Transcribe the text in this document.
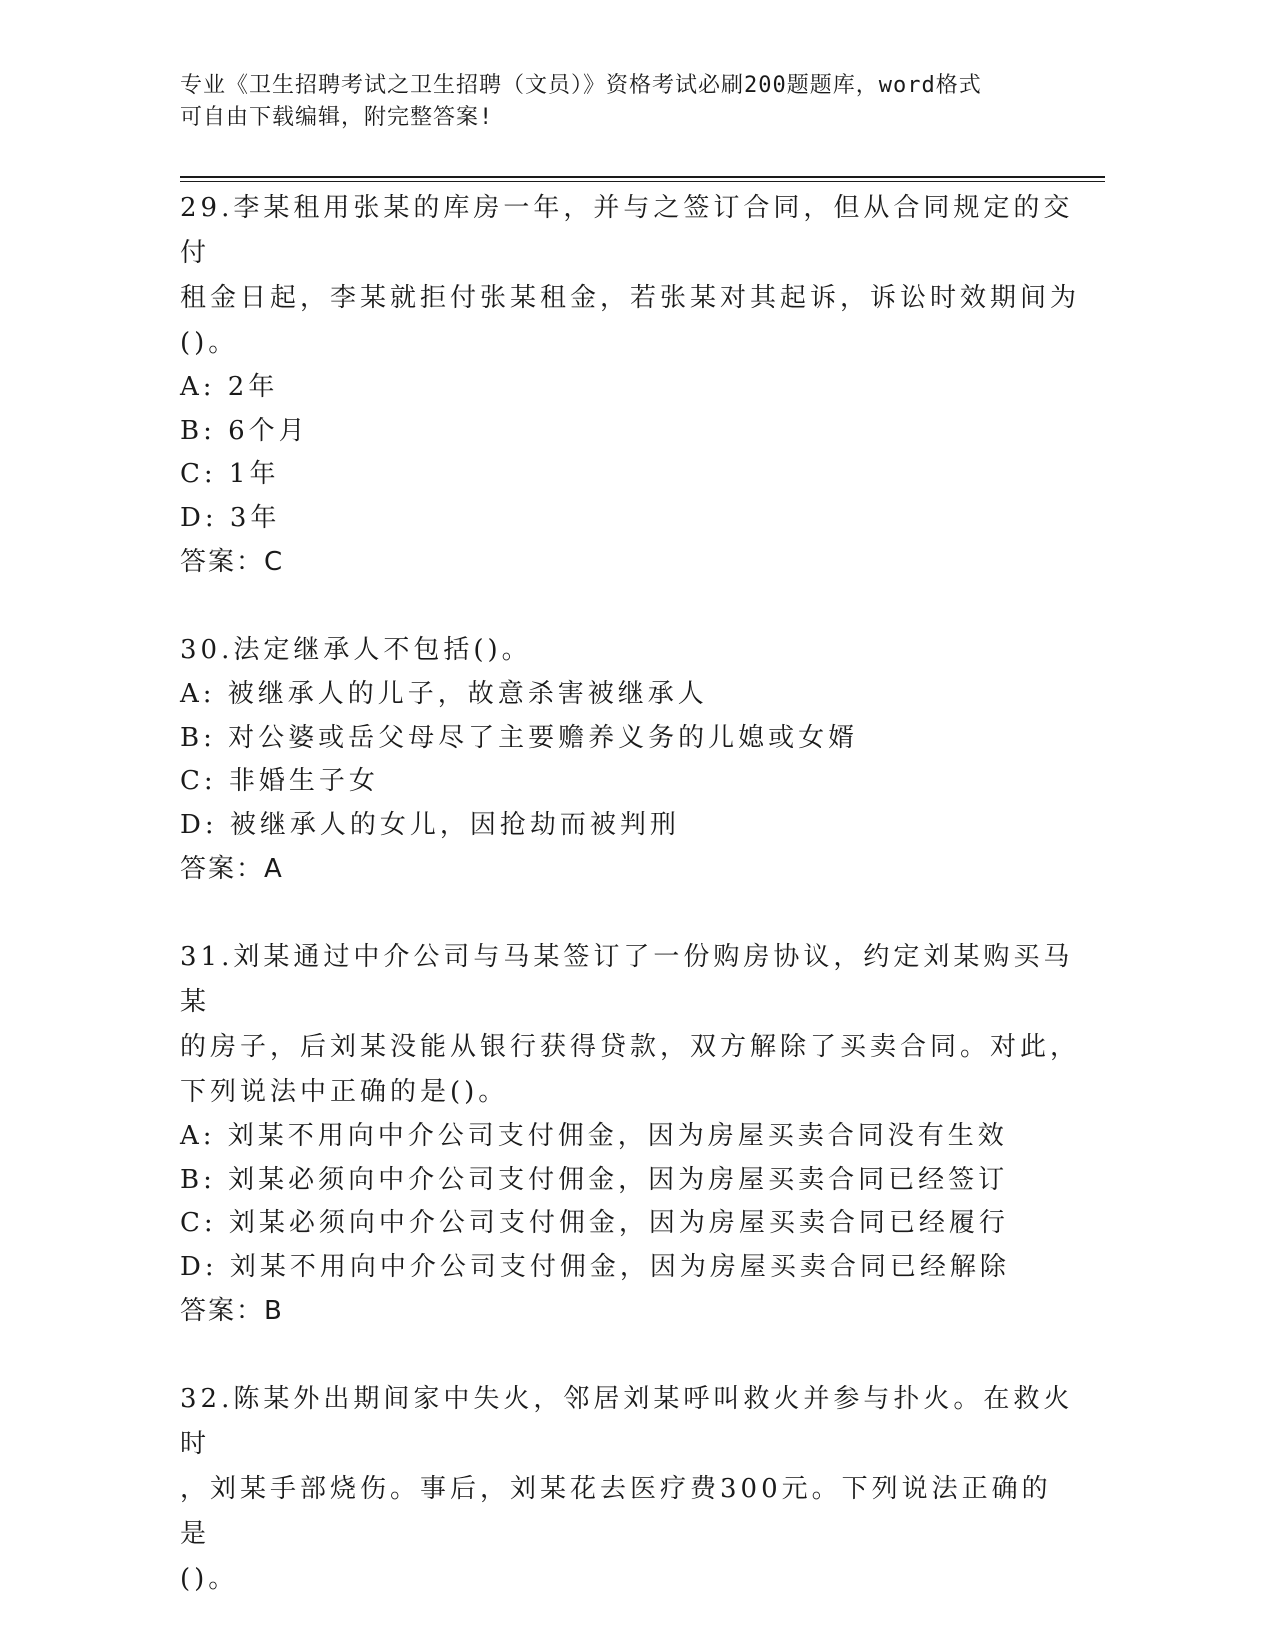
专业《卫生招聘考试之卫生招聘（文员）》资格考试必刷200题题库，word格式
可自由下载编辑，附完整答案!

29.李某租用张某的库房一年，并与之签订合同，但从合同规定的交付

租金日起，李某就拒付张某租金，若张某对其起诉，诉讼时效期间为

()。

A: 2年

B: 6个月

C: 1年

D: 3年

答案：C

30.法定继承人不包括()。

A: 被继承人的儿子，故意杀害被继承人

B: 对公婆或岳父母尽了主要赡养义务的儿媳或女婿

C: 非婚生子女

D: 被继承人的女儿，因抢劫而被判刑

答案：A

31.刘某通过中介公司与马某签订了一份购房协议，约定刘某购买马某

的房子，后刘某没能从银行获得贷款，双方解除了买卖合同。对此，

下列说法中正确的是()。

A: 刘某不用向中介公司支付佣金，因为房屋买卖合同没有生效

B: 刘某必须向中介公司支付佣金，因为房屋买卖合同已经签订

C: 刘某必须向中介公司支付佣金，因为房屋买卖合同已经履行

D: 刘某不用向中介公司支付佣金，因为房屋买卖合同已经解除

答案：B

32.陈某外出期间家中失火，邻居刘某呼叫救火并参与扑火。在救火时

，刘某手部烧伤。事后，刘某花去医疗费300元。下列说法正确的是

()。
